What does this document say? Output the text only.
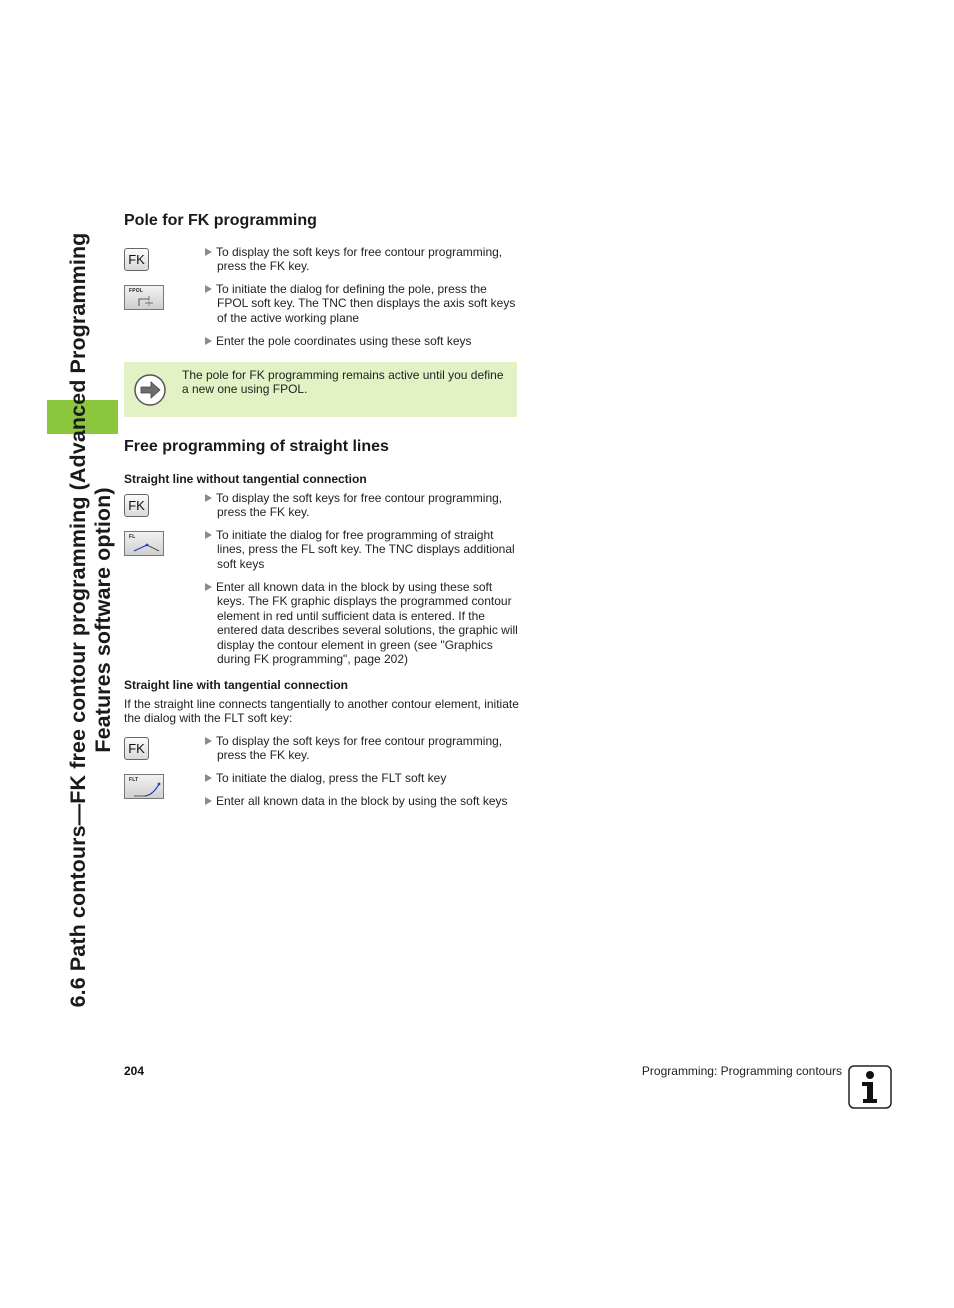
6.6 Path contours—FK free contour programming (Advanced Programming Features software option)
Pole for FK programming
FK	To display the soft keys for free contour programming, press the FK key.
FPOL	To initiate the dialog for defining the pole, press the FPOL soft key. The TNC then displays the axis soft keys of the active working plane
Enter the pole coordinates using these soft keys
The pole for FK programming remains active until you define a new one using FPOL.
Free programming of straight lines
Straight line without tangential connection
FK	To display the soft keys for free contour programming, press the FK key.
FL	To initiate the dialog for free programming of straight lines, press the FL soft key. The TNC displays additional soft keys
Enter all known data in the block by using these soft keys. The FK graphic displays the programmed contour element in red until sufficient data is entered. If the entered data describes several solutions, the graphic will display the contour element in green (see "Graphics during FK programming", page 202)
Straight line with tangential connection
If the straight line connects tangentially to another contour element, initiate the dialog with the FLT soft key:
FK	To display the soft keys for free contour programming, press the FK key.
FLT	To initiate the dialog, press the FLT soft key
Enter all known data in the block by using the soft keys
204	Programming: Programming contours
